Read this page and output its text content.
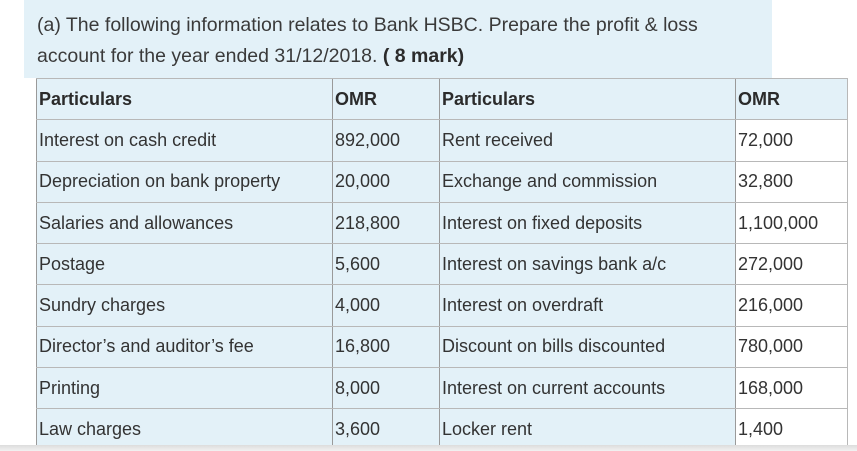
(a) The following information relates to Bank HSBC. Prepare the profit & loss
account for the year ended 31/12/2018. ( 8 mark)

Particulars	OMR	Particulars	OMR
Interest on cash credit	892,000	Rent received	72,000
Depreciation on bank property	20,000	Exchange and commission	32,800
Salaries and allowances	218,800	Interest on fixed deposits	1,100,000
Postage	5,600	Interest on savings bank a/c	272,000
Sundry charges	4,000	Interest on overdraft	216,000
Director’s and auditor’s fee	16,800	Discount on bills discounted	780,000
Printing	8,000	Interest on current accounts	168,000
Law charges	3,600	Locker rent	1,400
